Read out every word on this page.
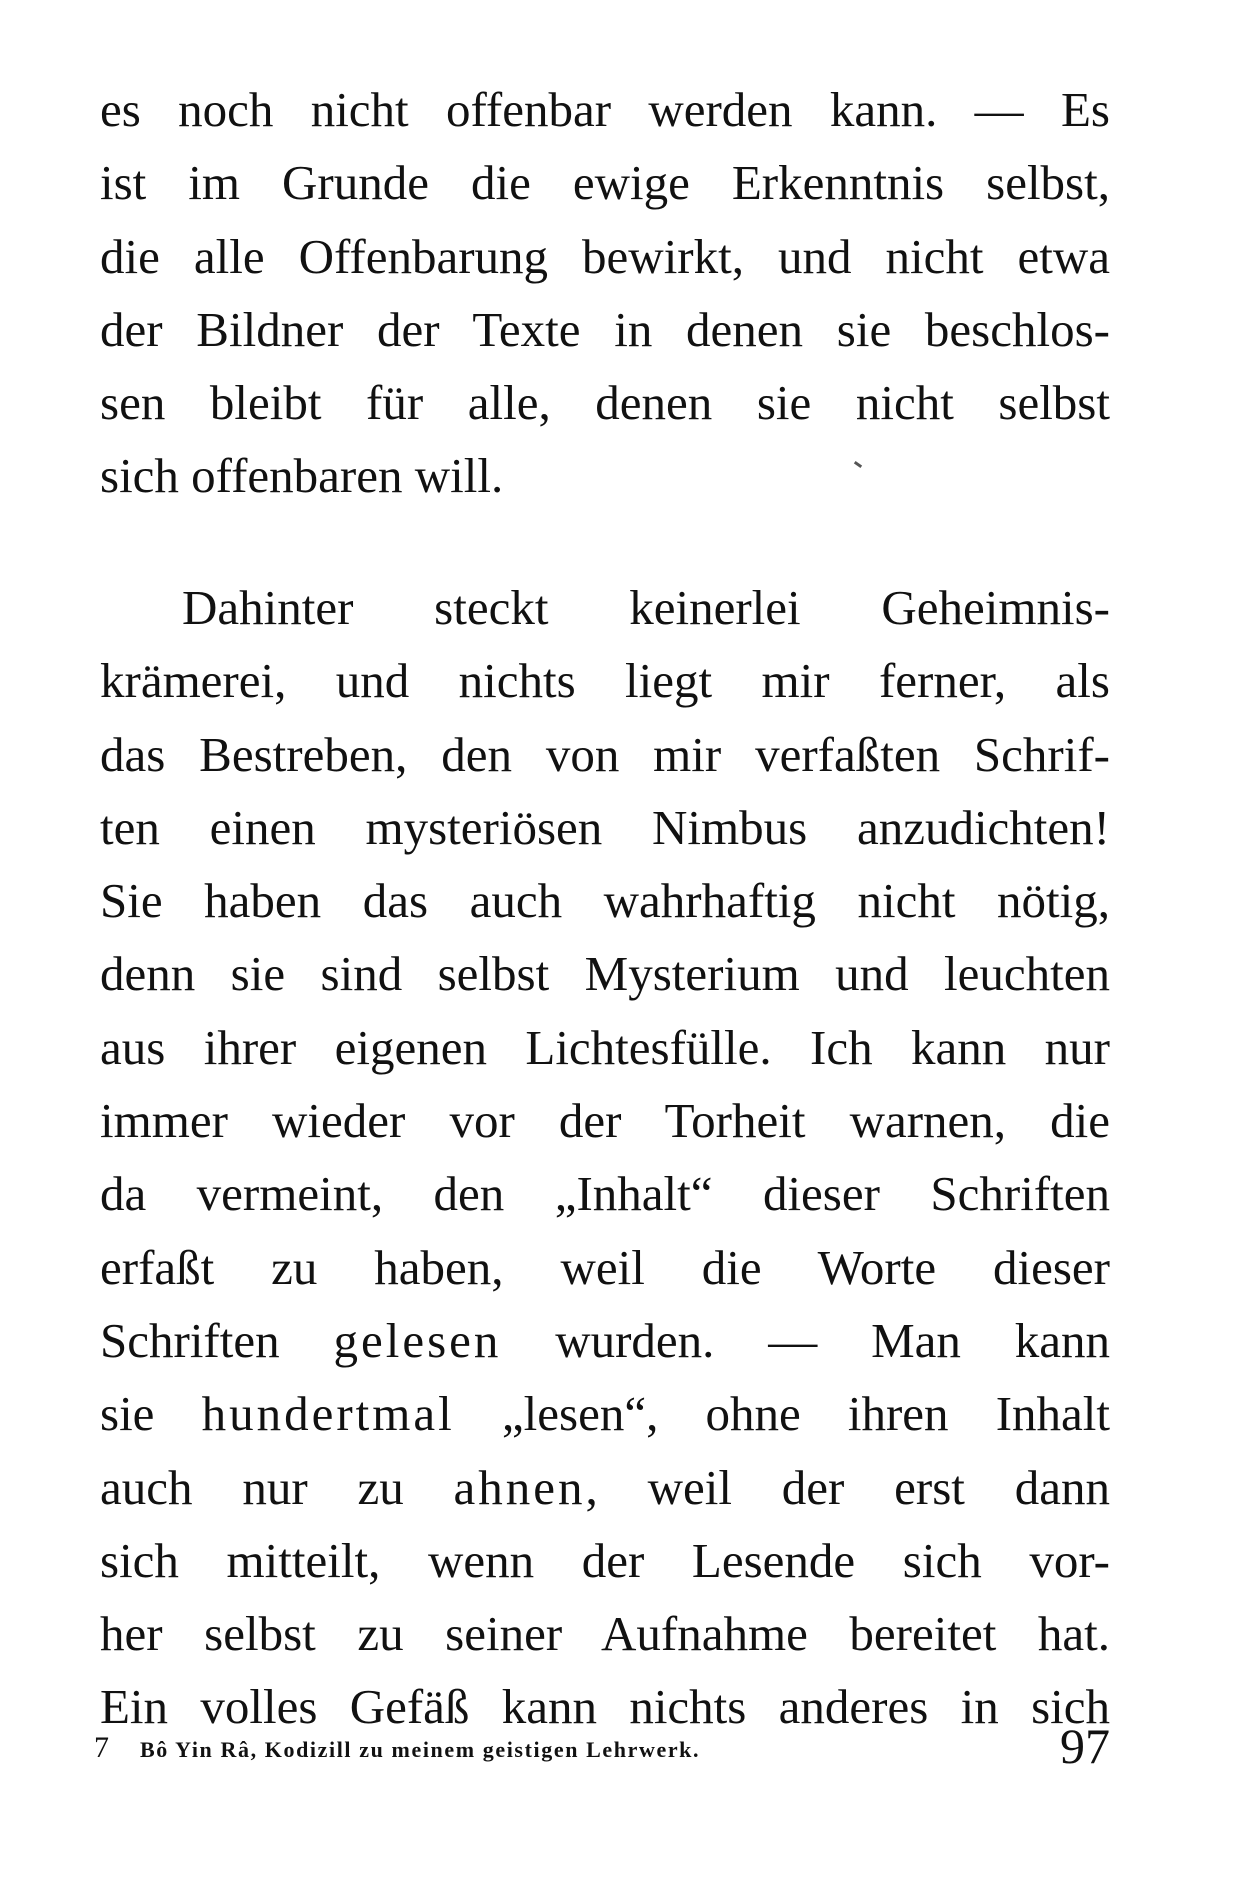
es noch nicht offenbar werden kann. — Es
ist im Grunde die ewige Erkenntnis selbst,
die alle Offenbarung bewirkt, und nicht etwa
der Bildner der Texte in denen sie beschlos-
sen bleibt für alle, denen sie nicht selbst
sich offenbaren will.
Dahinter steckt keinerlei Geheimnis-
krämerei, und nichts liegt mir ferner, als
das Bestreben, den von mir verfaßten Schrif-
ten einen mysteriösen Nimbus anzudichten!
Sie haben das auch wahrhaftig nicht nötig,
denn sie sind selbst Mysterium und leuchten
aus ihrer eigenen Lichtesfülle. Ich kann nur
immer wieder vor der Torheit warnen, die
da vermeint, den „Inhalt“ dieser Schriften
erfaßt zu haben, weil die Worte dieser
Schriften gelesen wurden. — Man kann
sie hundertmal „lesen“, ohne ihren Inhalt
auch nur zu ahnen, weil der erst dann
sich mitteilt, wenn der Lesende sich vor-
her selbst zu seiner Aufnahme bereitet hat.
Ein volles Gefäß kann nichts anderes in sich
7 Bô Yin Râ, Kodizill zu meinem geistigen Lehrwerk.	97
